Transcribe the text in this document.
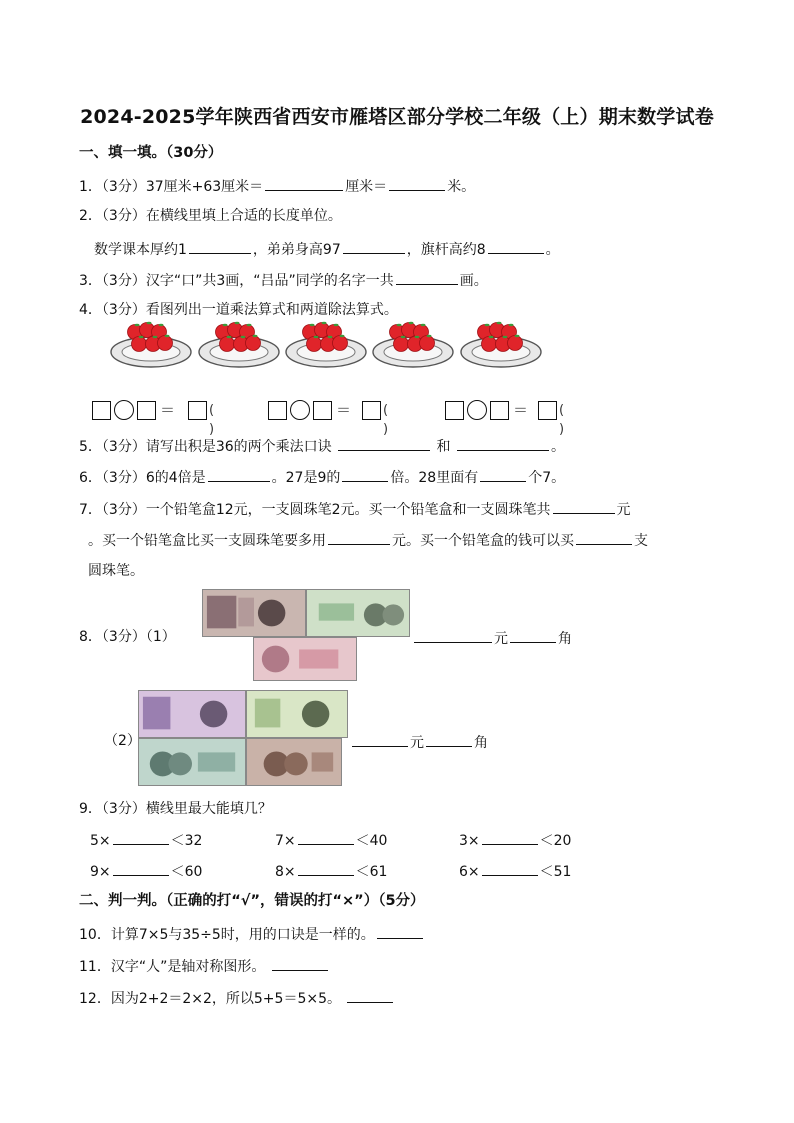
2024-2025学年陕西省西安市雁塔区部分学校二年级（上）期末数学试卷
一、填一填。（30分）
1．（3分）37厘米+63厘米＝	厘米＝	米。
2．（3分）在横线里填上合适的长度单位。
数学课本厚约1	，弟弟身高97	，旗杆高约8	。
3．（3分）汉字“口”共3画，“吕品”同学的名字一共	画。
4．（3分）看图列出一道乘法算式和两道除法算式。
＝	( )
＝ ( )
＝ ( )
5．（3分）请写出积是36的两个乘法口诀	和	。
6．（3分）6的4倍是	。27是9的	倍。28里面有	个7。
7．（3分）一个铅笔盒12元，一支圆珠笔2元。买一个铅笔盒和一支圆珠笔共	元
。买一个铅笔盒比买一支圆珠笔要多用	元。买一个铅笔盒的钱可以买	支
圆珠笔。
8．（3分）（1）	元	角
（2）	元	角
9．（3分）横线里最大能填几？
5×	＜32	7×	＜40	3×	＜20
9×	＜60	8×	＜61	6×	＜51
二、判一判。（正确的打“√”，错误的打“×”）（5分）
10．计算7×5与35÷5时，用的口诀是一样的。
11．汉字“人”是轴对称图形。
12．因为2+2＝2×2，所以5+5＝5×5。
